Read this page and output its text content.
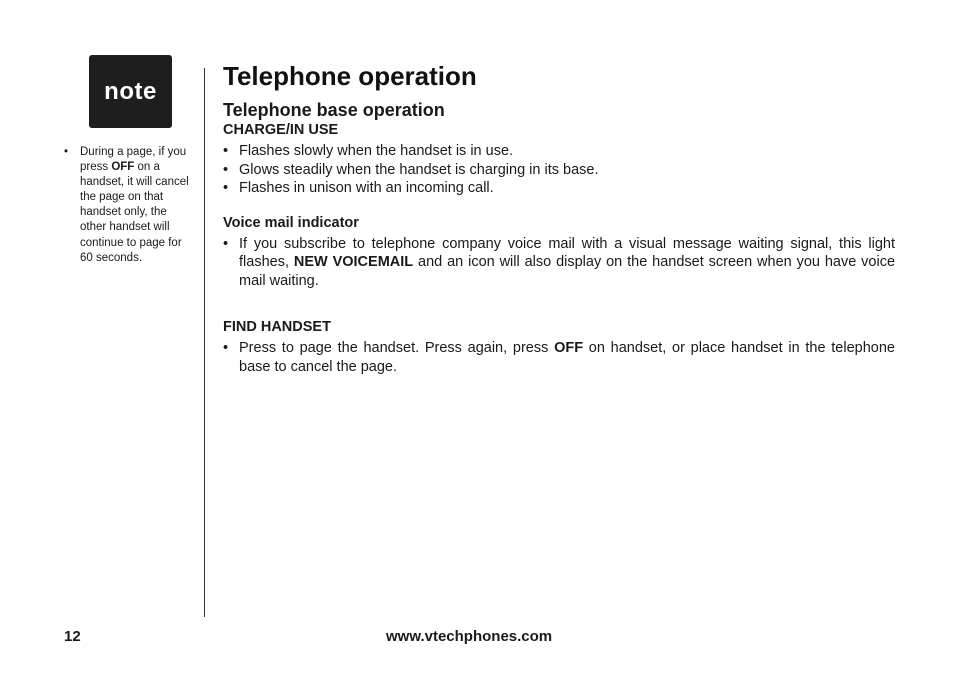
note
• During a page, if you press OFF on a handset, it will cancel the page on that handset only, the other handset will continue to page for 60 seconds.
Telephone operation
Telephone base operation
CHARGE/IN USE
• Flashes slowly when the handset is in use.
• Glows steadily when the handset is charging in its base.
• Flashes in unison with an incoming call.
Voice mail indicator
• If you subscribe to telephone company voice mail with a visual message waiting signal, this light flashes, NEW VOICEMAIL and an icon will also display on the handset screen when you have voice mail waiting.
FIND HANDSET
• Press to page the handset. Press again, press OFF on handset, or place handset in the telephone base to cancel the page.
12	www.vtechphones.com
